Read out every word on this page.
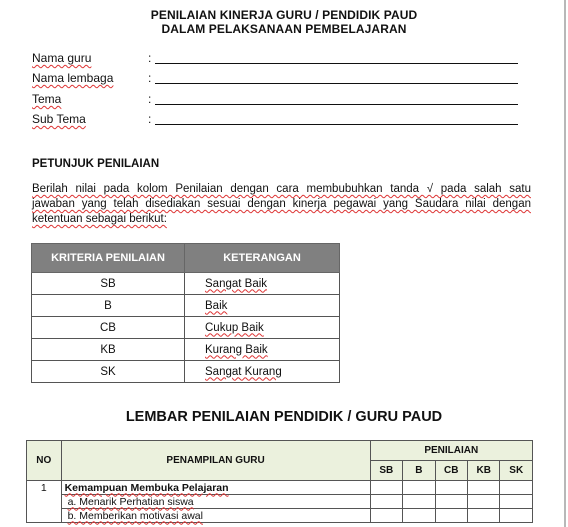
PENILAIAN KINERJA GURU / PENDIDIK PAUD
DALAM PELAKSANAAN PEMBELAJARAN
Nama guru	:
Nama lembaga	:
Tema	:
Sub Tema	:
PETUNJUK PENILAIAN
Berilah nilai pada kolom Penilaian dengan cara membubuhkan tanda √ pada salah satu
jawaban yang telah disediakan sesuai dengan kinerja pegawai yang Saudara nilai dengan
ketentuan sebagai berikut:
KRITERIA PENILAIAN	KETERANGAN
SB	Sangat Baik
B	Baik
CB	Cukup Baik
KB	Kurang Baik
SK	Sangat Kurang
LEMBAR PENILAIAN PENDIDIK / GURU PAUD
NO	PENAMPILAN GURU	PENILAIAN				
		SB	B	CB	KB	SK
1	Kemampuan Membuka Pelajaran					
	a. Menarik Perhatian siswa					
	b. Memberikan motivasi awal					
